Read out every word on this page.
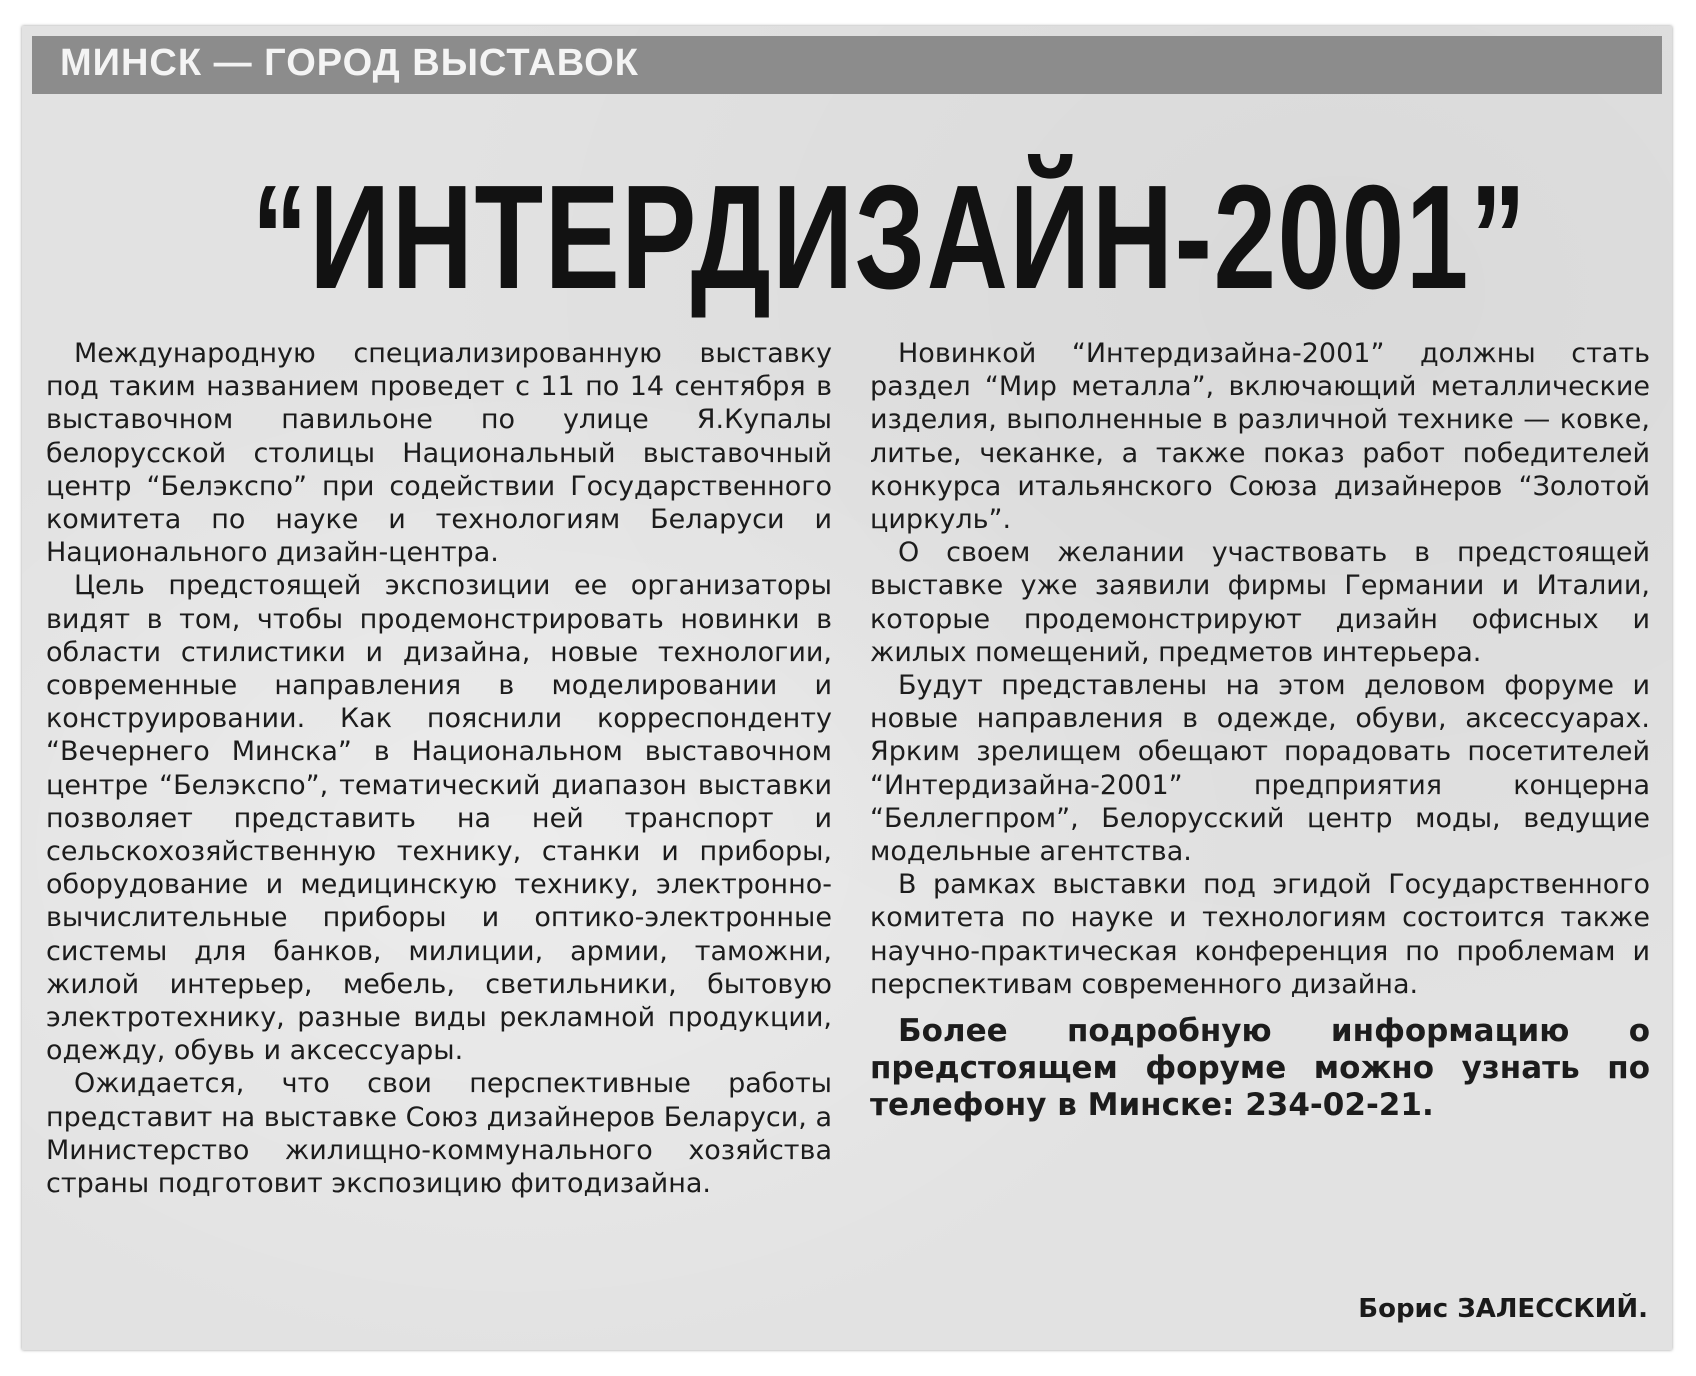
МИНСК — ГОРОД ВЫСТАВОК
“ИНТЕРДИЗАЙН-2001”

Международную специализированную выставку под таким названием проведет с 11 по 14 сентября в выставочном павильоне по улице Я.Купалы белорусской столицы Национальный выставочный центр “Белэкспо” при содействии Государственного комитета по науке и технологиям Беларуси и Национального дизайн-центра.

Цель предстоящей экспозиции ее организаторы видят в том, чтобы продемонстрировать новинки в области стилистики и дизайна, новые технологии, современные направления в моделировании и конструировании. Как пояснили корреспонденту “Вечернего Минска” в Национальном выставочном центре “Белэкспо”, тематический диапазон выставки позволяет представить на ней транспорт и сельскохозяйственную технику, станки и приборы, оборудование и медицинскую технику, электронно-вычислительные приборы и оптико-электронные системы для банков, милиции, армии, таможни, жилой интерьер, мебель, светильники, бытовую электротехнику, разные виды рекламной продукции, одежду, обувь и аксессуары.

Ожидается, что свои перспективные работы представит на выставке Союз дизайнеров Беларуси, а Министерство жилищно-коммунального хозяйства страны подготовит экспозицию фитодизайна.

Новинкой “Интердизайна-2001” должны стать раздел “Мир металла”, включающий металлические изделия, выполненные в различной технике — ковке, литье, чеканке, а также показ работ победителей конкурса итальянского Союза дизайнеров “Золотой циркуль”.

О своем желании участвовать в предстоящей выставке уже заявили фирмы Германии и Италии, которые продемонстрируют дизайн офисных и жилых помещений, предметов интерьера.

Будут представлены на этом деловом форуме и новые направления в одежде, обуви, аксессуарах. Ярким зрелищем обещают порадовать посетителей “Интердизайна-2001” предприятия концерна “Беллегпром”, Белорусский центр моды, ведущие модельные агентства.

В рамках выставки под эгидой Государственного комитета по науке и технологиям состоится также научно-практическая конференция по проблемам и перспективам современного дизайна.

Более подробную информацию о предстоящем форуме можно узнать по телефону в Минске: 234-02-21.

Борис ЗАЛЕССКИЙ.
